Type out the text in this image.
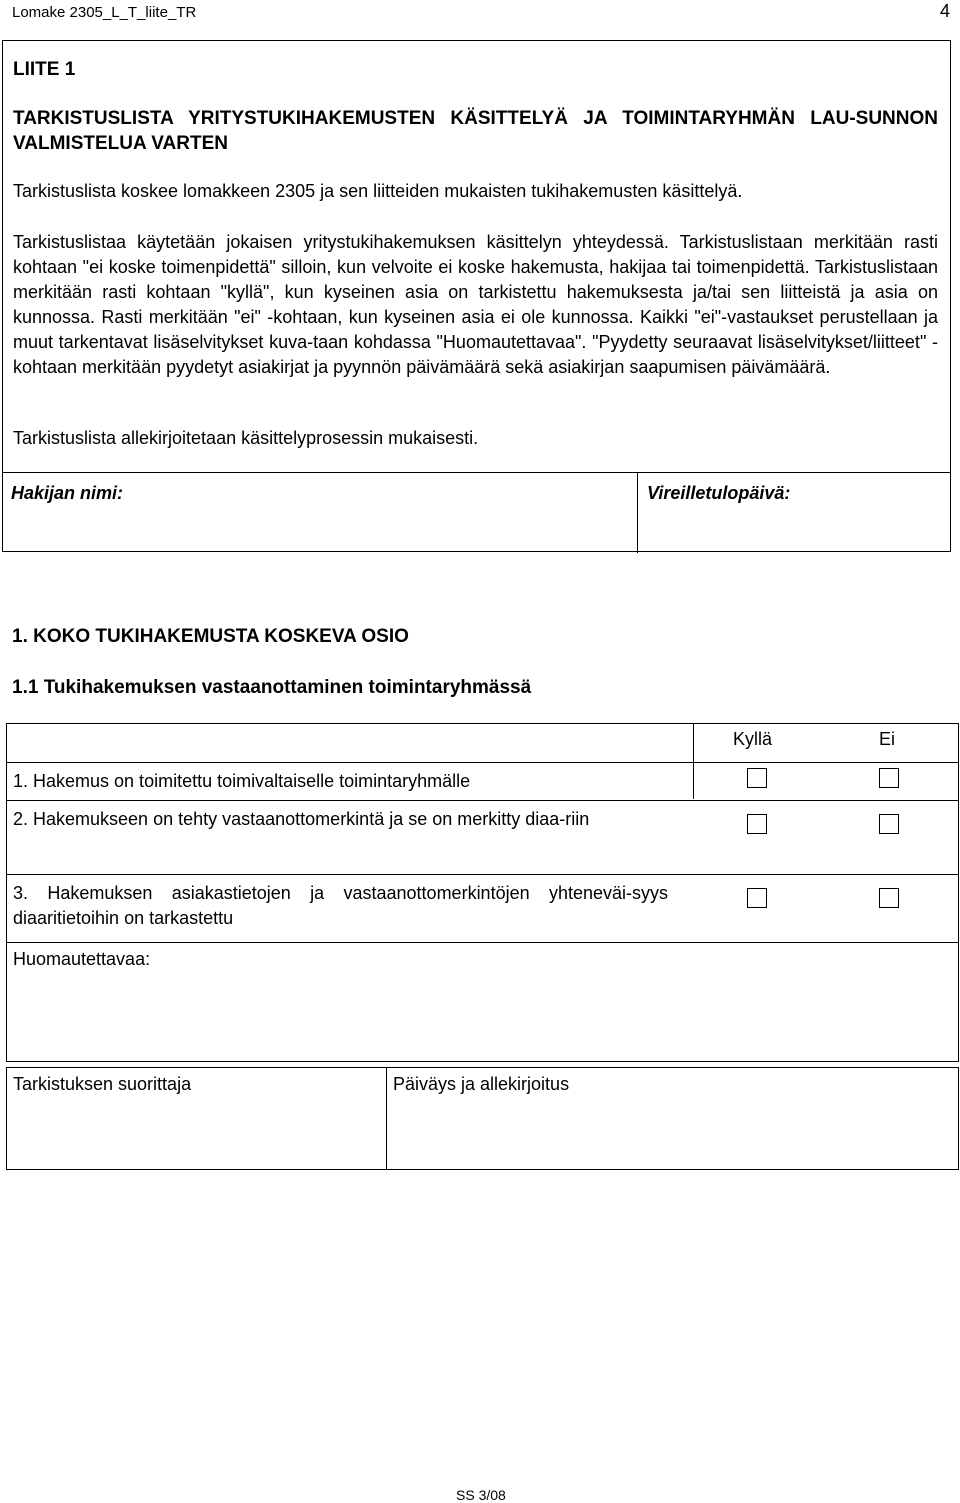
Lomake 2305_L_T_liite_TR	4
LIITE 1
TARKISTUSLISTA YRITYSTUKIHAKEMUSTEN KÄSITTELYÄ JA TOIMINTARYHMÄN LAU-SUNNON VALMISTELUA VARTEN
Tarkistuslista koskee lomakkeen 2305 ja sen liitteiden mukaisten tukihakemusten käsittelyä.
Tarkistuslistaa käytetään jokaisen yritystukihakemuksen käsittelyn yhteydessä. Tarkistuslistaan merkitään rasti kohtaan "ei koske toimenpidettä" silloin, kun velvoite ei koske hakemusta, hakijaa tai toimenpidettä. Tarkistuslistaan merkitään rasti kohtaan "kyllä", kun kyseinen asia on tarkistettu hakemuksesta ja/tai sen liitteistä ja asia on kunnossa. Rasti merkitään "ei" -kohtaan, kun kyseinen asia ei ole kunnossa. Kaikki "ei"-vastaukset perustellaan ja muut tarkentavat lisäselvitykset kuva-taan kohdassa "Huomautettavaa". "Pyydetty seuraavat lisäselvitykset/liitteet" -kohtaan merkitään pyydetyt asiakirjat ja pyynnön päivämäärä sekä asiakirjan saapumisen päivämäärä.
Tarkistuslista allekirjoitetaan käsittelyprosessin mukaisesti.
Hakijan nimi:	Vireilletulopäivä:
1. KOKO TUKIHAKEMUSTA KOSKEVA OSIO
1.1 Tukihakemuksen vastaanottaminen toimintaryhmässä
Kyllä	Ei
1. Hakemus on toimitettu toimivaltaiselle toimintaryhmälle
2. Hakemukseen on tehty vastaanottomerkintä ja se on merkitty diaa-riin
3. Hakemuksen asiakastietojen ja vastaanottomerkintöjen yhteneväi-syys diaaritietoihin on tarkastettu
Huomautettavaa:
Tarkistuksen suorittaja	Päiväys ja allekirjoitus
SS 3/08
